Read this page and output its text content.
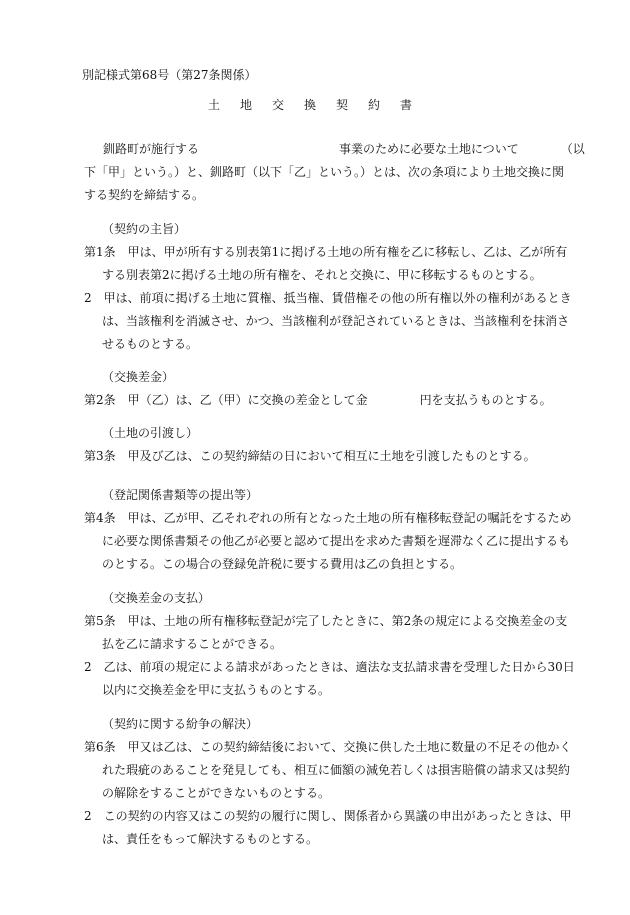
別記様式第68号（第27条関係）
土地交換契約書
釧路町が施行する	事業のために必要な土地について	（以
下「甲」という。）と、釧路町（以下「乙」という。）とは、次の条項により土地交換に関
する契約を締結する。
（契約の主旨）
第1条　甲は、甲が所有する別表第1に掲げる土地の所有権を乙に移転し、乙は、乙が所有
する別表第2に掲げる土地の所有権を、それと交換に、甲に移転するものとする。
2　甲は、前項に掲げる土地に質権、抵当権、賃借権その他の所有権以外の権利があるとき
は、当該権利を消滅させ、かつ、当該権利が登記されているときは、当該権利を抹消さ
せるものとする。
（交換差金）
第2条　甲（乙）は、乙（甲）に交換の差金として金	円を支払うものとする。
（土地の引渡し）
第3条　甲及び乙は、この契約締結の日において相互に土地を引渡したものとする。
（登記関係書類等の提出等）
第4条　甲は、乙が甲、乙それぞれの所有となった土地の所有権移転登記の嘱託をするため
に必要な関係書類その他乙が必要と認めて提出を求めた書類を遅滞なく乙に提出するも
のとする。この場合の登録免許税に要する費用は乙の負担とする。
（交換差金の支払）
第5条　甲は、土地の所有権移転登記が完了したときに、第2条の規定による交換差金の支
払を乙に請求することができる。
2　乙は、前項の規定による請求があったときは、適法な支払請求書を受理した日から30日
以内に交換差金を甲に支払うものとする。
（契約に関する紛争の解決）
第6条　甲又は乙は、この契約締結後において、交換に供した土地に数量の不足その他かく
れた瑕疵のあることを発見しても、相互に価額の減免若しくは損害賠償の請求又は契約
の解除をすることができないものとする。
2　この契約の内容又はこの契約の履行に関し、関係者から異議の申出があったときは、甲
は、責任をもって解決するものとする。
